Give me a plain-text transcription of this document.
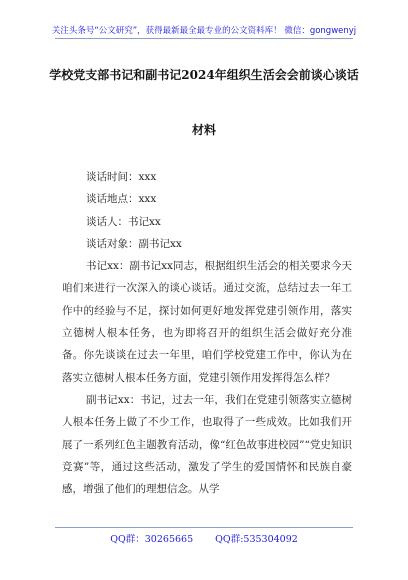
关注头条号“公文研究”，获得最新最全最专业的公文资料库！ 微信：gongwenyj
学校党支部书记和副书记2024年组织生活会会前谈心谈话
材料

谈话时间：xxx

谈话地点：xxx

谈话人：书记xx

谈话对象：副书记xx

书记xx：副书记xx同志，根据组织生活会的相关要求今天咱们来进行一次深入的谈心谈话。通过交流，总结过去一年工作中的经验与不足，探讨如何更好地发挥党建引领作用，落实立德树人根本任务，也为即将召开的组织生活会做好充分准备。你先谈谈在过去一年里，咱们学校党建工作中，你认为在落实立德树人根本任务方面，党建引领作用发挥得怎么样？

副书记xx：书记，过去一年，我们在党建引领落实立德树人根本任务上做了不少工作，也取得了一些成效。比如我们开展了一系列红色主题教育活动，像“红色故事进校园”“党史知识竞赛”等，通过这些活动，激发了学生的爱国情怀和民族自豪感，增强了他们的理想信念。从学

QQ群：30265665 QQ群:535304092
